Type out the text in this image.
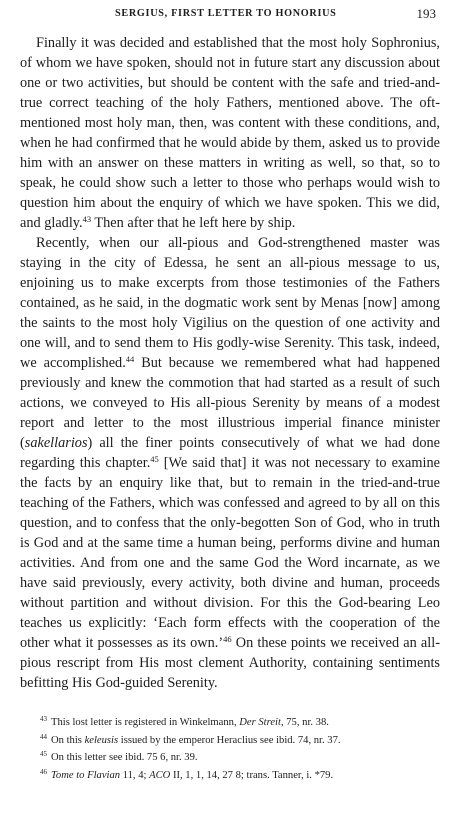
SERGIUS, FIRST LETTER TO HONORIUS	193

Finally it was decided and established that the most holy Sophronius, of whom we have spoken, should not in future start any discussion about one or two activities, but should be content with the safe and tried-and-true correct teaching of the holy Fathers, mentioned above. The oft-mentioned most holy man, then, was content with these conditions, and, when he had confirmed that he would abide by them, asked us to provide him with an answer on these matters in writing as well, so that, so to speak, he could show such a letter to those who perhaps would wish to question him about the enquiry of which we have spoken. This we did, and gladly.$^{43}$ Then after that he left here by ship.

Recently, when our all-pious and God-strengthened master was staying in the city of Edessa, he sent an all-pious message to us, enjoining us to make excerpts from those testimonies of the Fathers contained, as he said, in the dogmatic work sent by Menas [now] among the saints to the most holy Vigilius on the question of one activity and one will, and to send them to His godly-wise Serenity. This task, indeed, we accomplished.$^{44}$ But because we remembered what had happened previously and knew the commotion that had started as a result of such actions, we conveyed to His all-pious Serenity by means of a modest report and letter to the most illustrious imperial finance minister (sakellarios) all the finer points consecutively of what we had done regarding this chapter.$^{45}$ [We said that] it was not necessary to examine the facts by an enquiry like that, but to remain in the tried-and-true teaching of the Fathers, which was confessed and agreed to by all on this question, and to confess that the only-begotten Son of God, who in truth is God and at the same time a human being, performs divine and human activities. And from one and the same God the Word incarnate, as we have said previously, every activity, both divine and human, proceeds without partition and without division. For this the God-bearing Leo teaches us explicitly: ‘Each form effects with the cooperation of the other what it possesses as its own.’$^{46}$ On these points we received an all-pious rescript from His most clement Authority, containing sentiments befitting His God-guided Serenity.

$^{43}$ This lost letter is registered in Winkelmann, Der Streit, 75, nr. 38.
$^{44}$ On this keleusis issued by the emperor Heraclius see ibid. 74, nr. 37.
$^{45}$ On this letter see ibid. 75 6, nr. 39.
$^{46}$ Tome to Flavian 11, 4; ACO II, 1, 1, 14, 27 8; trans. Tanner, i. *79.
